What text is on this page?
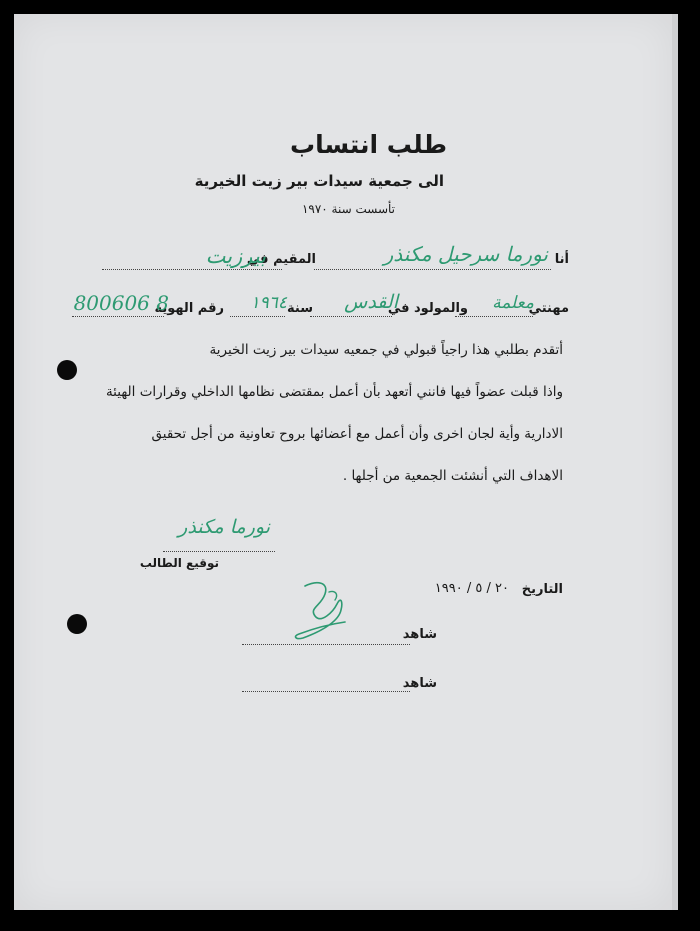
طلب انتساب
الى جمعية سيدات بير زيت الخيرية
تأسست سنة ١٩٧٠
أنا
نورما سرحيل مكنذر
المقيم في
بيرزيت
مهنتي
معلمة
والمولود في
القدس
سنة
١٩٦٤
رقم الهوية
800606 8
أتقدم بطلبي هذا راجياً قبولي في جمعيه سيدات بير زيت الخيرية
واذا قبلت عضواً فيها فانني أتعهد بأن أعمل بمقتضى نظامها الداخلي وقرارات الهيئة
الادارية وأية لجان اخرى وأن أعمل مع أعضائها بروح تعاونية من أجل تحقيق
الاهداف التي أنشئت الجمعية من أجلها .
نورما مكنذر
توقيع الطالب
التاريخ
٢٠ / ٥ / ١٩٩٠
شاهد
شاهد
